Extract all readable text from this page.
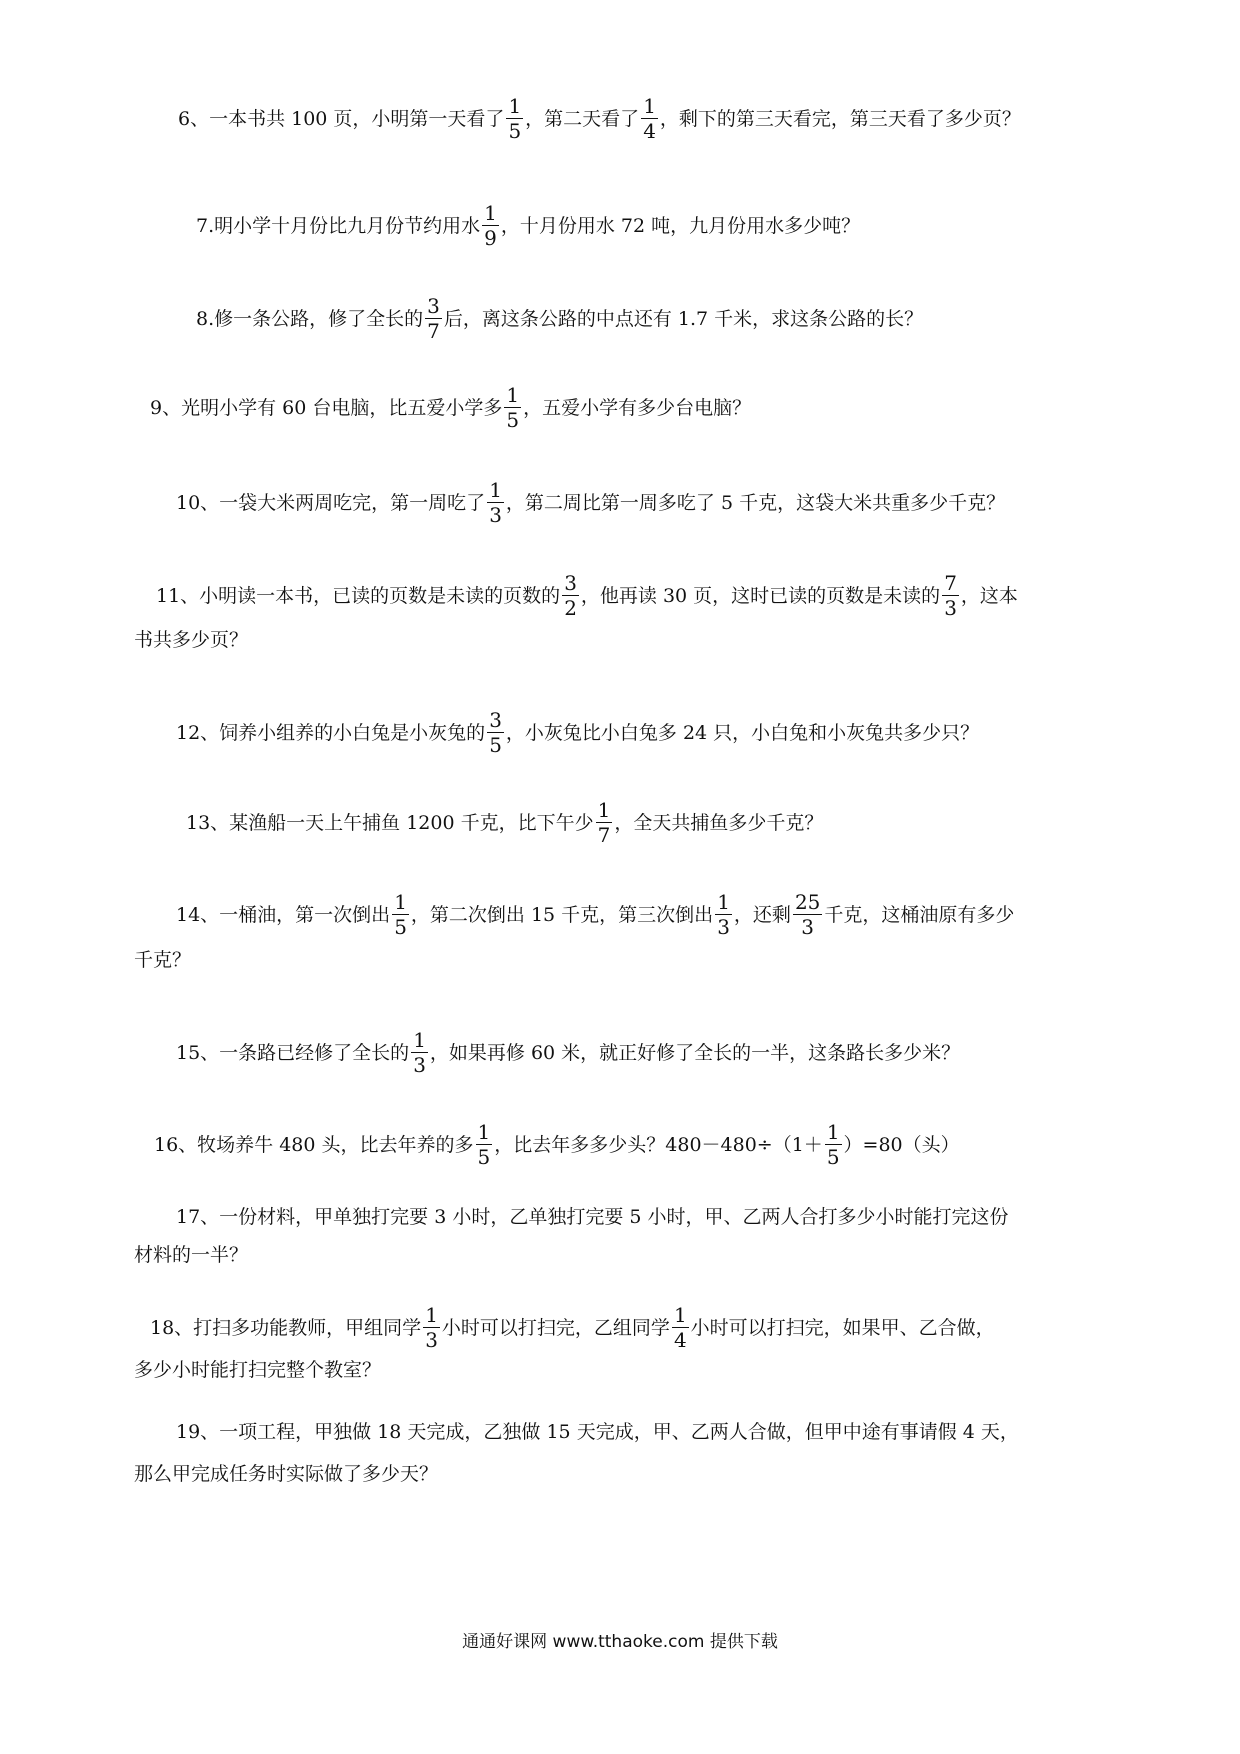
6、一本书共 100 页，小明第一天看了 $\frac{1}{5}$ ，第二天看了 $\frac{1}{4}$ ，剩下的第三天看完，第三天看了多少页？
7.明小学十月份比九月份节约用水 $\frac{1}{9}$ ，十月份用水 72 吨，九月份用水多少吨？
8.修一条公路，修了全长的 $\frac{3}{7}$ 后，离这条公路的中点还有 1.7 千米，求这条公路的长？
9、光明小学有 60 台电脑，比五爱小学多 $\frac{1}{5}$ ，五爱小学有多少台电脑？
10、一袋大米两周吃完，第一周吃了 $\frac{1}{3}$ ，第二周比第一周多吃了 5 千克，这袋大米共重多少千克？
11、小明读一本书，已读的页数是未读的页数的 $\frac{3}{2}$ ，他再读 30 页，这时已读的页数是未读的 $\frac{7}{3}$ ，这本
书共多少页？
12、饲养小组养的小白兔是小灰兔的 $\frac{3}{5}$ ，小灰兔比小白兔多 24 只，小白兔和小灰兔共多少只？
13、某渔船一天上午捕鱼 1200 千克，比下午少 $\frac{1}{7}$ ，全天共捕鱼多少千克？
14、一桶油，第一次倒出 $\frac{1}{5}$ ，第二次倒出 15 千克，第三次倒出 $\frac{1}{3}$ ，还剩 $\frac{25}{3}$ 千克，这桶油原有多少
千克？
15、一条路已经修了全长的 $\frac{1}{3}$ ，如果再修 60 米，就正好修了全长的一半，这条路长多少米？
16、牧场养牛 480 头，比去年养的多 $\frac{1}{5}$ ，比去年多多少头？$480-480\div(1+ \frac{1}{5} )=80$（头）
17、一份材料，甲单独打完要 3 小时，乙单独打完要 5 小时，甲、乙两人合打多少小时能打完这份
材料的一半？
18、打扫多功能教师，甲组同学 $\frac{1}{3}$ 小时可以打扫完，乙组同学 $\frac{1}{4}$ 小时可以打扫完，如果甲、乙合做，
多少小时能打扫完整个教室？
19、一项工程，甲独做 18 天完成，乙独做 15 天完成，甲、乙两人合做，但甲中途有事请假 4 天，
那么甲完成任务时实际做了多少天？
通通好课网 www.tthaoke.com 提供下载
